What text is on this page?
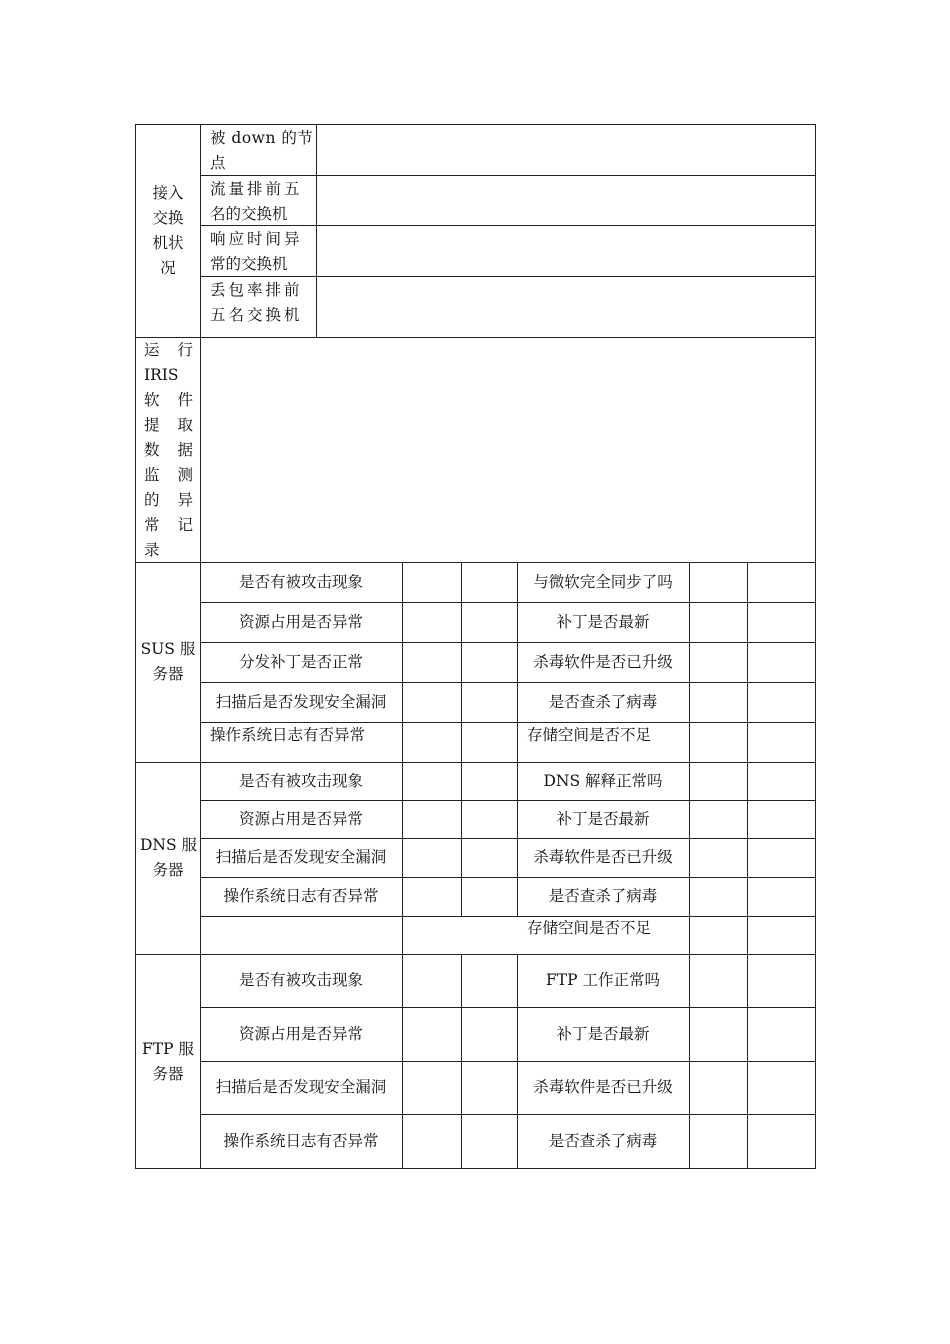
接入
交换
机状
况
被 down 的节
点
流量排前五
名的交换机
响应时间异
常的交换机
丢包率排前
五名交换机
运 行
IRIS
软 件
提 取
数 据
监 测
的 异
常 记
录
SUS 服
务器
是否有被攻击现象
资源占用是否异常
分发补丁是否正常
扫描后是否发现安全漏洞
操作系统日志有否异常
与微软完全同步了吗
补丁是否最新
杀毒软件是否已升级
是否查杀了病毒
存储空间是否不足
DNS 服
务器
是否有被攻击现象
资源占用是否异常
扫描后是否发现安全漏洞
操作系统日志有否异常
DNS 解释正常吗
补丁是否最新
杀毒软件是否已升级
是否查杀了病毒
存储空间是否不足
FTP 服
务器
是否有被攻击现象
资源占用是否异常
扫描后是否发现安全漏洞
操作系统日志有否异常
FTP 工作正常吗
补丁是否最新
杀毒软件是否已升级
是否查杀了病毒
